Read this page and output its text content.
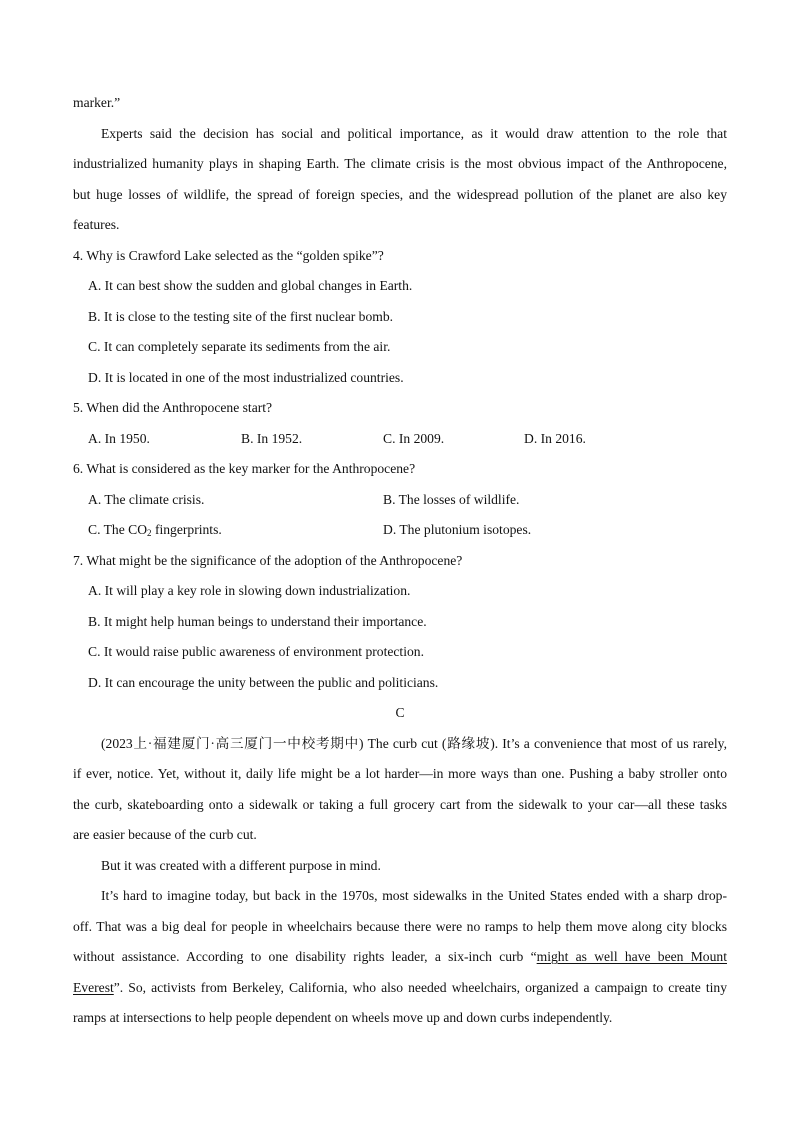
marker.”
Experts said the decision has social and political importance, as it would draw attention to the role that
industrialized humanity plays in shaping Earth. The climate crisis is the most obvious impact of the Anthropocene,
but huge losses of wildlife, the spread of foreign species, and the widespread pollution of the planet are also key
features.
4. Why is Crawford Lake selected as the “golden spike”?
A. It can best show the sudden and global changes in Earth.
B. It is close to the testing site of the first nuclear bomb.
C. It can completely separate its sediments from the air.
D. It is located in one of the most industrialized countries.
5. When did the Anthropocene start?
A. In 1950.	B. In 1952.	C. In 2009.	D. In 2016.
6. What is considered as the key marker for the Anthropocene?
A. The climate crisis.	B. The losses of wildlife.
C. The $CO_2$ fingerprints.	D. The plutonium isotopes.
7. What might be the significance of the adoption of the Anthropocene?
A. It will play a key role in slowing down industrialization.
B. It might help human beings to understand their importance.
C. It would raise public awareness of environment protection.
D. It can encourage the unity between the public and politicians.
C
(2023上·福建厦门·高三厦门一中校考期中) The curb cut (路缘坡). It’s a convenience that most of us rarely,
if ever, notice. Yet, without it, daily life might be a lot harder—in more ways than one. Pushing a baby stroller onto
the curb, skateboarding onto a sidewalk or taking a full grocery cart from the sidewalk to your car—all these tasks
are easier because of the curb cut.
But it was created with a different purpose in mind.
It’s hard to imagine today, but back in the 1970s, most sidewalks in the United States ended with a sharp drop-
off. That was a big deal for people in wheelchairs because there were no ramps to help them move along city blocks
without assistance. According to one disability rights leader, a six-inch curb “might as well have been Mount
Everest”. So, activists from Berkeley, California, who also needed wheelchairs, organized a campaign to create tiny
ramps at intersections to help people dependent on wheels move up and down curbs independently.
